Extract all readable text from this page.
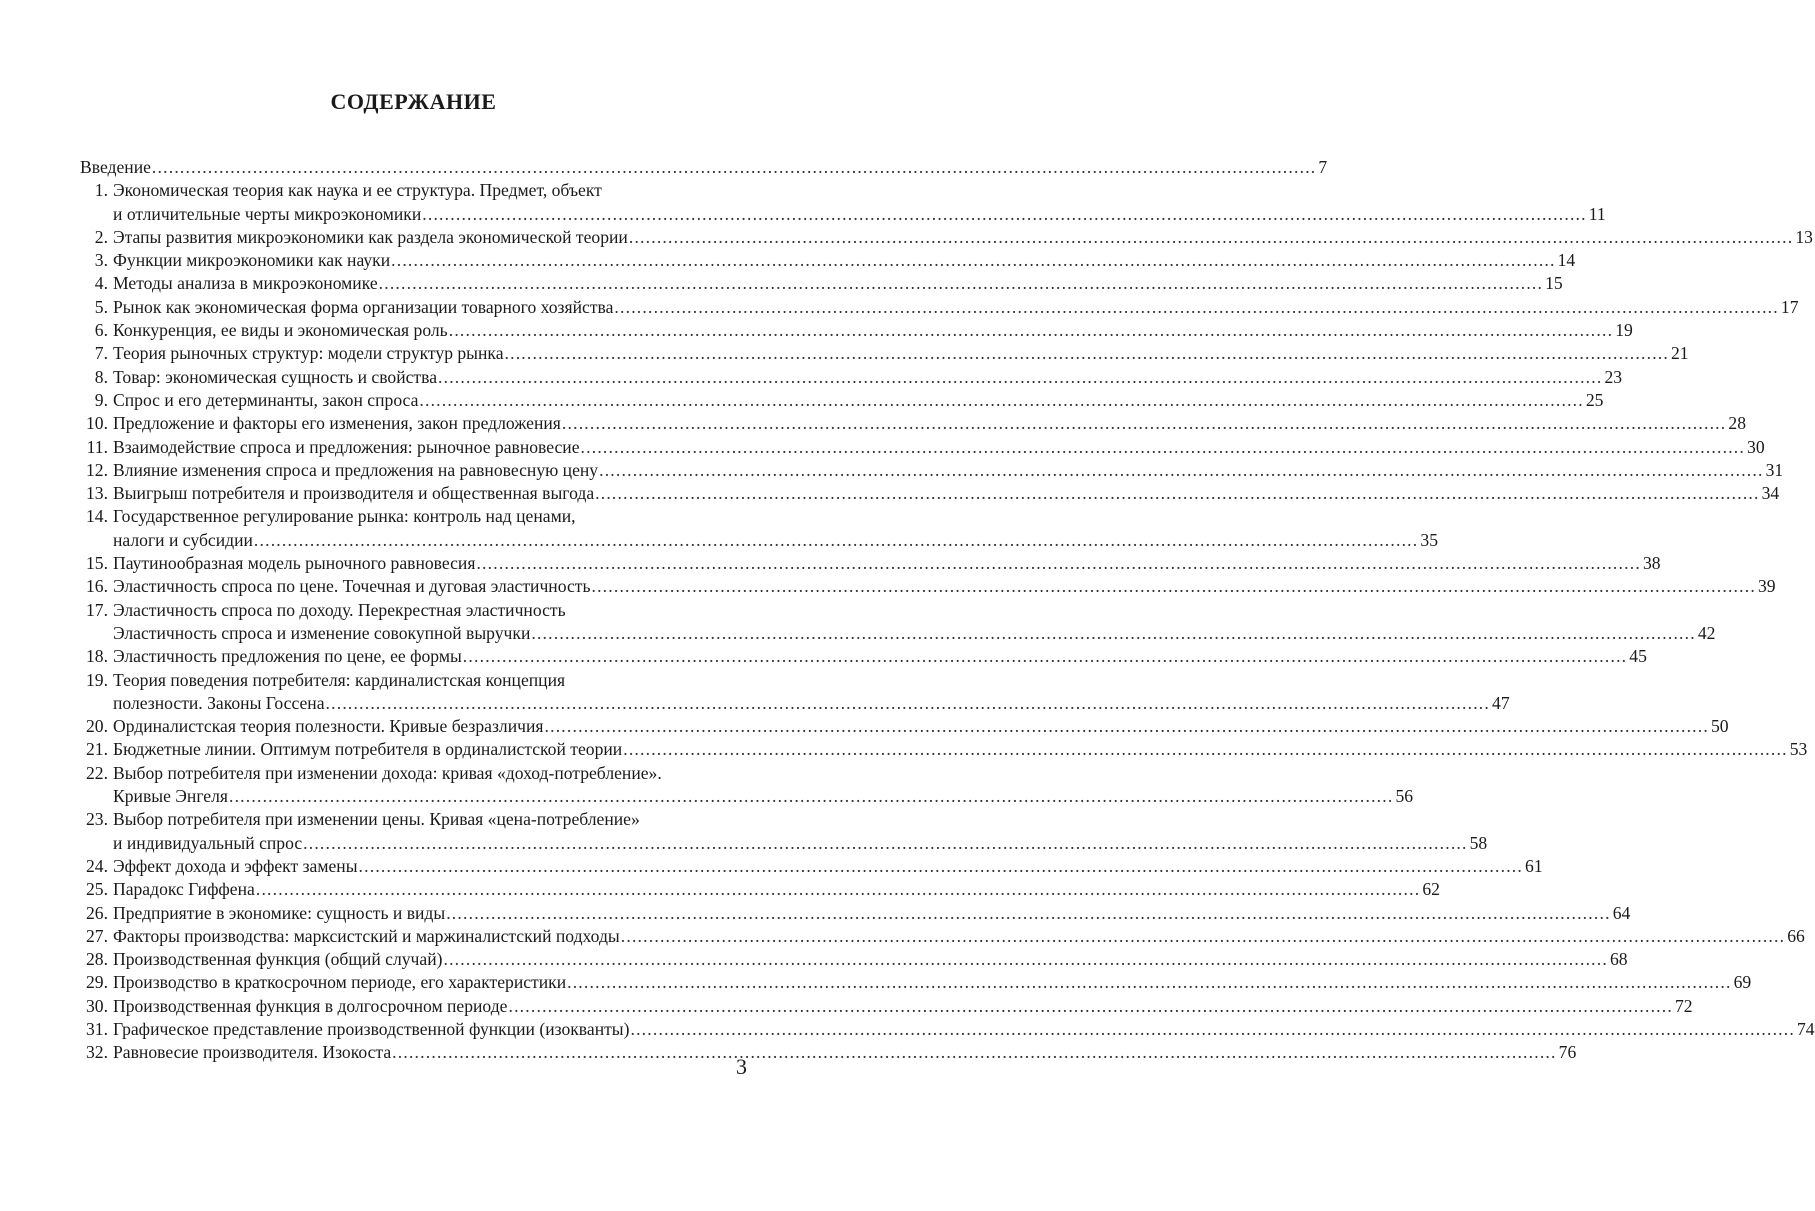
СОДЕРЖАНИЕ
Введение .....	7
1. Экономическая теория как наука и ее структура. Предмет, объект
и отличительные черты микроэкономики .....	11
2. Этапы развития микроэкономики как раздела экономической теории .....	13
3. Функции микроэкономики как науки .....	14
4. Методы анализа в микроэкономике .....	15
5. Рынок как экономическая форма организации товарного хозяйства .....	17
6. Конкуренция, ее виды и экономическая роль .....	19
7. Теория рыночных структур: модели структур рынка .....	21
8. Товар: экономическая сущность и свойства .....	23
9. Спрос и его детерминанты, закон спроса .....	25
10. Предложение и факторы его изменения, закон предложения .....	28
11. Взаимодействие спроса и предложения: рыночное равновесие .....	30
12. Влияние изменения спроса и предложения на равновесную цену .....	31
13. Выигрыш потребителя и производителя и общественная выгода .....	34
14. Государственное регулирование рынка: контроль над ценами,
налоги и субсидии .....	35
15. Паутинообразная модель рыночного равновесия .....	38
16. Эластичность спроса по цене. Точечная и дуговая эластичность .....	39
17. Эластичность спроса по доходу. Перекрестная эластичность
Эластичность спроса и изменение совокупной выручки .....	42
18. Эластичность предложения по цене, ее формы .....	45
19. Теория поведения потребителя: кардиналистская концепция
полезности. Законы Госсена .....	47
20. Ординалистская теория полезности. Кривые безразличия .....	50
21. Бюджетные линии. Оптимум потребителя в ординалистской теории .....	53
22. Выбор потребителя при изменении дохода: кривая «доход-потребление».
Кривые Энгеля .....	56
23. Выбор потребителя при изменении цены. Кривая «цена-потребление»
и индивидуальный спрос .....	58
24. Эффект дохода и эффект замены .....	61
25. Парадокс Гиффена .....	62
26. Предприятие в экономике: сущность и виды .....	64
27. Факторы производства: марксистский и маржиналистский подходы .....	66
28. Производственная функция (общий случай) .....	68
29. Производство в краткосрочном периоде, его характеристики .....	69
30. Производственная функция в долгосрочном периоде .....	72
31. Графическое представление производственной функции (изокванты) .....	74
32. Равновесие производителя. Изокоста .....	76
3
